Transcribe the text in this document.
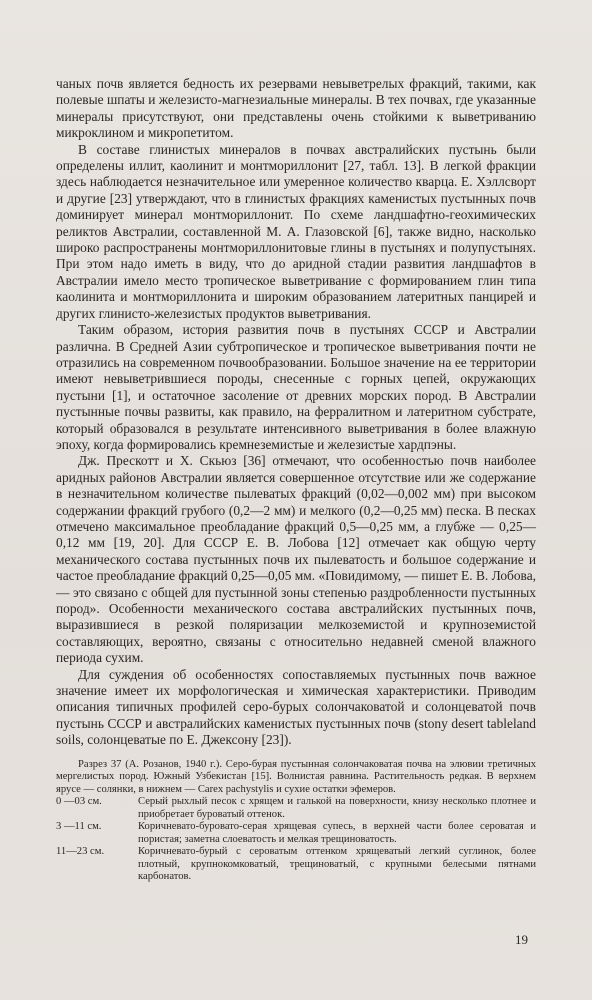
чаных почв является бедность их резервами невыветрелых фракций, такими, как полевые шпаты и железисто-магнезиальные минералы. В тех почвах, где указанные минералы присутствуют, они представлены очень стойкими к выветриванию микроклином и микропетитом.

В составе глинистых минералов в почвах австралийских пустынь были определены иллит, каолинит и монтмориллонит [27, табл. 13]. В легкой фракции здесь наблюдается незначительное или умеренное количество кварца. Е. Хэллсворт и другие [23] утверждают, что в глинистых фракциях каменистых пустынных почв доминирует минерал монтмориллонит. По схеме ландшафтно-геохимических реликтов Австралии, составленной М. А. Глазовской [6], также видно, насколько широко распространены монтмориллонитовые глины в пустынях и полупустынях. При этом надо иметь в виду, что до аридной стадии развития ландшафтов в Австралии имело место тропическое выветривание с формированием глин типа каолинита и монтмориллонита и широким образованием латеритных панцирей и других глинисто-железистых продуктов выветривания.

Таким образом, история развития почв в пустынях СССР и Австралии различна. В Средней Азии субтропическое и тропическое выветривания почти не отразились на современном почвообразовании. Большое значение на ее территории имеют невыветрившиеся породы, снесенные с горных цепей, окружающих пустыни [1], и остаточное засоление от древних морских пород. В Австралии пустынные почвы развиты, как правило, на ферралитном и латеритном субстрате, который образовался в результате интенсивного выветривания в более влажную эпоху, когда формировались кремнеземистые и железистые хардпэны.

Дж. Прескотт и Х. Скьюз [36] отмечают, что особенностью почв наиболее аридных районов Австралии является совершенное отсутствие или же содержание в незначительном количестве пылеватых фракций (0,02—0,002 мм) при высоком содержании фракций грубого (0,2—2 мм) и мелкого (0,2—0,25 мм) песка. В песках отмечено максимальное преобладание фракций 0,5—0,25 мм, а глубже — 0,25—0,12 мм [19, 20]. Для СССР Е. В. Лобова [12] отмечает как общую черту механического состава пустынных почв их пылеватость и большое содержание и частое преобладание фракций 0,25—0,05 мм. «Повидимому, — пишет Е. В. Лобова, — это связано с общей для пустынной зоны степенью раздробленности пустынных пород». Особенности механического состава австралийских пустынных почв, выразившиеся в резкой поляризации мелкоземистой и крупноземистой составляющих, вероятно, связаны с относительно недавней сменой влажного периода сухим.

Для суждения об особенностях сопоставляемых пустынных почв важное значение имеет их морфологическая и химическая характеристики. Приводим описания типичных профилей серо-бурых солончаковатой и солонцеватой почв пустынь СССР и австралийских каменистых пустынных почв (stony desert tableland soils, солонцеватые по Е. Джексону [23]).

Разрез 37 (А. Розанов, 1940 г.). Серо-бурая пустынная солончаковатая почва на элювии третичных мергелистых пород. Южный Узбекистан [15]. Волнистая равнина. Растительность редкая. В верхнем ярусе — солянки, в нижнем — Carex pachystylis и сухие остатки эфемеров.

0 —03 см.	Серый рыхлый песок с хрящем и галькой на поверхности, книзу несколько плотнее и приобретает буроватый оттенок.
3 —11 см.	Коричневато-буровато-серая хрящевая супесь, в верхней части более сероватая и пористая; заметна слоеватость и мелкая трещиноватость.
11—23 см.	Коричневато-бурый с сероватым оттенком хрящеватый легкий суглинок, более плотный, крупнокомковатый, трещиноватый, с крупными белесыми пятнами карбонатов.
19
